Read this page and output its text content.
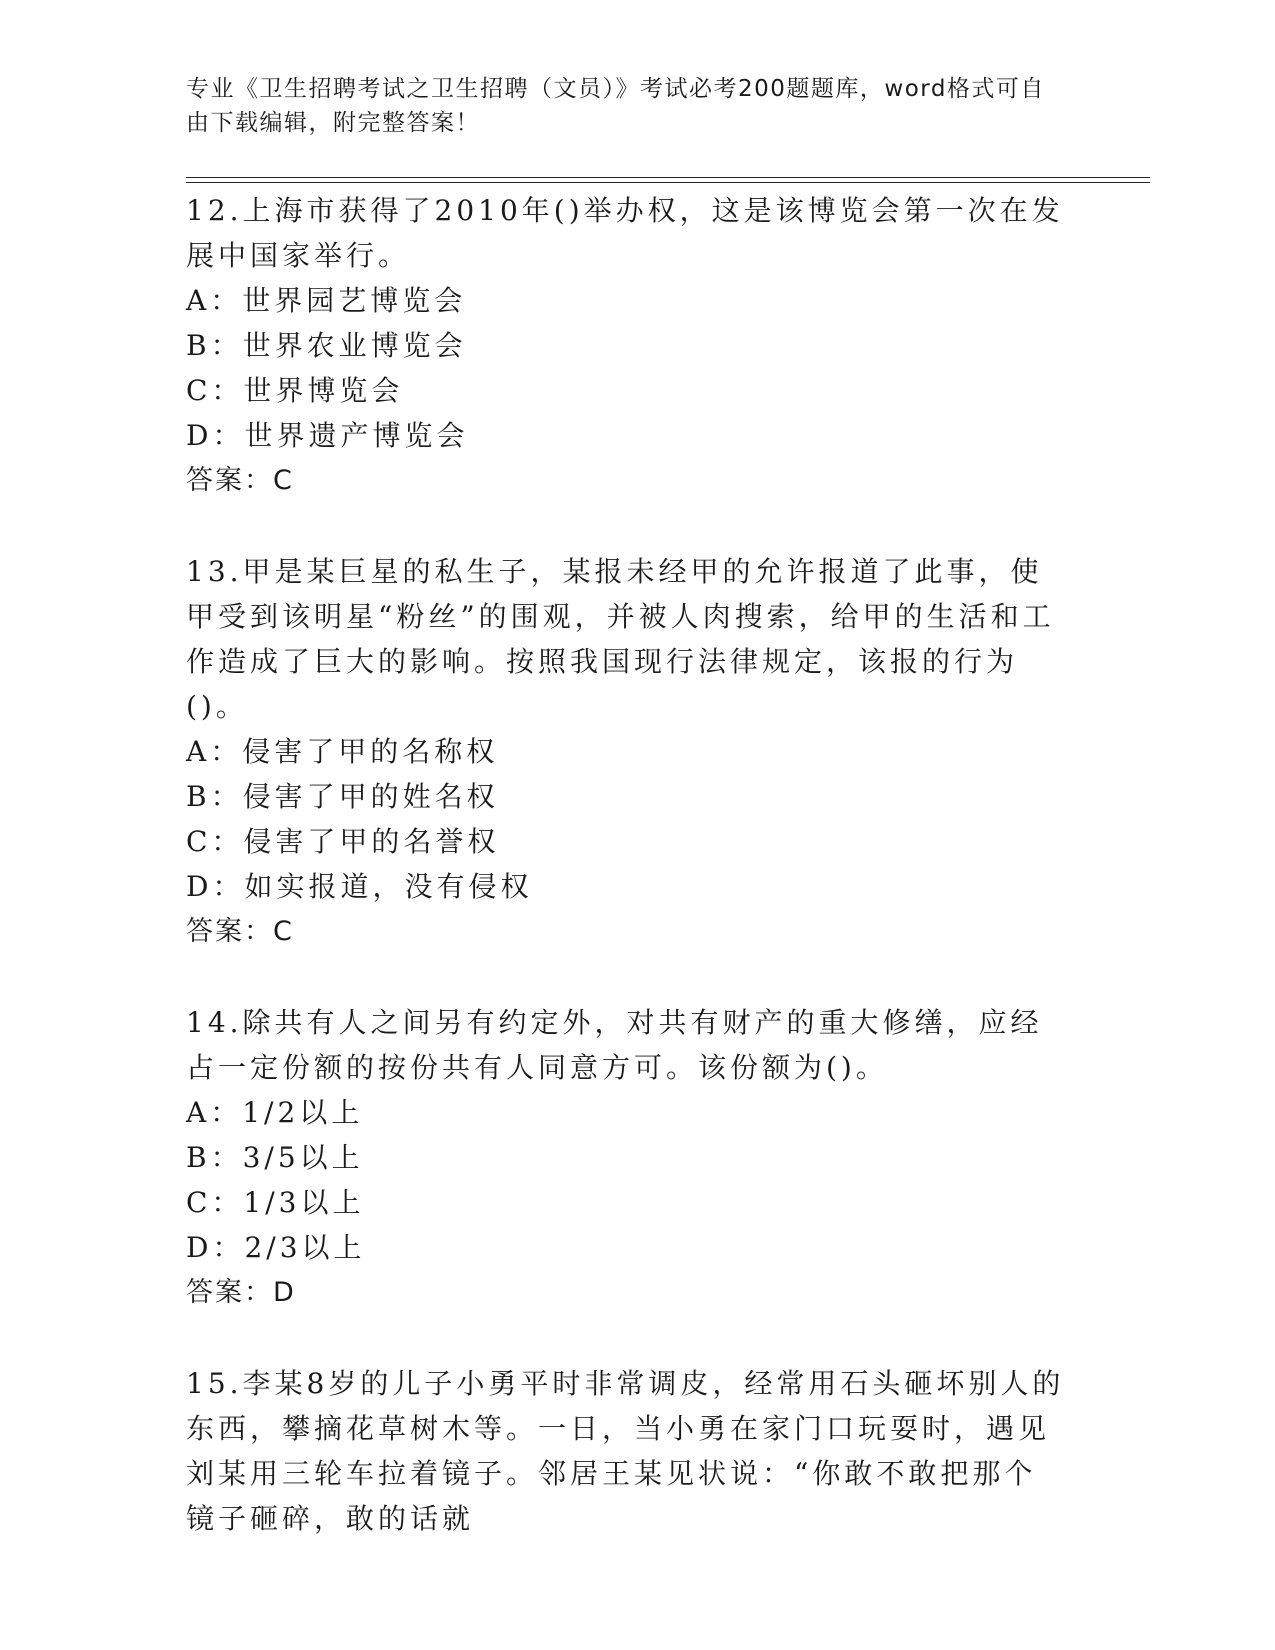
专业《卫生招聘考试之卫生招聘（文员）》考试必考200题题库，word格式可自由下载编辑，附完整答案！

12.上海市获得了2010年()举办权，这是该博览会第一次在发展中国家举行。

A：世界园艺博览会

B：世界农业博览会

C：世界博览会

D：世界遗产博览会

答案：C

13.甲是某巨星的私生子，某报未经甲的允许报道了此事，使甲受到该明星“粉丝”的围观，并被人肉搜索，给甲的生活和工作造成了巨大的影响。按照我国现行法律规定，该报的行为()。

A：侵害了甲的名称权

B：侵害了甲的姓名权

C：侵害了甲的名誉权

D：如实报道，没有侵权

答案：C

14.除共有人之间另有约定外，对共有财产的重大修缮，应经占一定份额的按份共有人同意方可。该份额为()。

A：1/2以上

B：3/5以上

C：1/3以上

D：2/3以上

答案：D

15.李某8岁的儿子小勇平时非常调皮，经常用石头砸坏别人的东西，攀摘花草树木等。一日，当小勇在家门口玩耍时，遇见刘某用三轮车拉着镜子。邻居王某见状说：“你敢不敢把那个镜子砸碎，敢的话就
